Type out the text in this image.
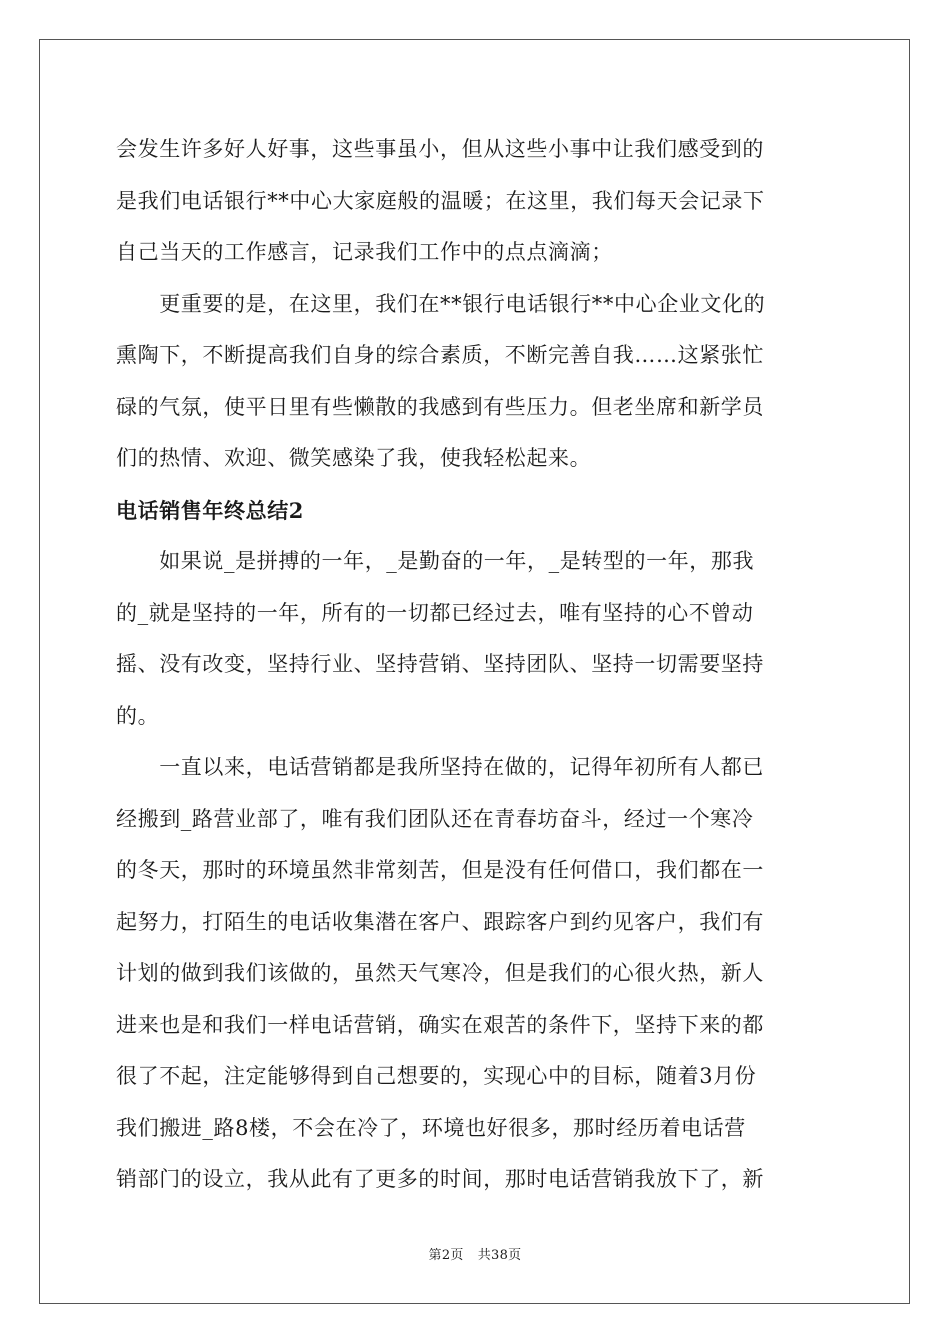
会发生许多好人好事，这些事虽小，但从这些小事中让我们感受到的
是我们电话银行**中心大家庭般的温暖；在这里，我们每天会记录下
自己当天的工作感言，记录我们工作中的点点滴滴；

　　更重要的是，在这里，我们在**银行电话银行**中心企业文化的
熏陶下，不断提高我们自身的综合素质，不断完善自我……这紧张忙
碌的气氛，使平日里有些懒散的我感到有些压力。但老坐席和新学员
们的热情、欢迎、微笑感染了我，使我轻松起来。

电话销售年终总结2

　　如果说_是拼搏的一年，_是勤奋的一年，_是转型的一年，那我
的_就是坚持的一年，所有的一切都已经过去，唯有坚持的心不曾动
摇、没有改变，坚持行业、坚持营销、坚持团队、坚持一切需要坚持
的。

　　一直以来，电话营销都是我所坚持在做的，记得年初所有人都已
经搬到_路营业部了，唯有我们团队还在青春坊奋斗，经过一个寒冷
的冬天，那时的环境虽然非常刻苦，但是没有任何借口，我们都在一
起努力，打陌生的电话收集潜在客户、跟踪客户到约见客户，我们有
计划的做到我们该做的，虽然天气寒冷，但是我们的心很火热，新人
进来也是和我们一样电话营销，确实在艰苦的条件下，坚持下来的都
很了不起，注定能够得到自己想要的，实现心中的目标，随着3月份
我们搬进_路8楼，不会在冷了，环境也好很多，那时经历着电话营
销部门的设立，我从此有了更多的时间，那时电话营销我放下了，新

第2页 共38页
